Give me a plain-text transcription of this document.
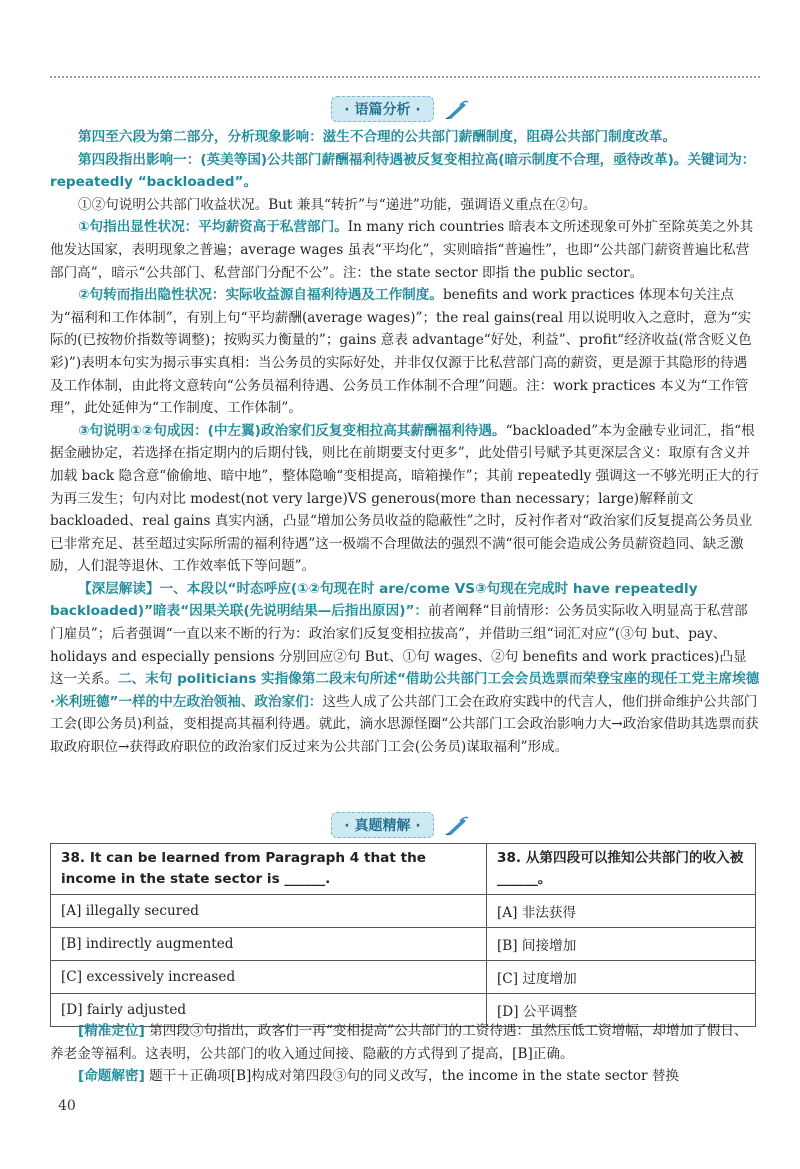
· 语篇分析 ·

第四至六段为第二部分，分析现象影响：滋生不合理的公共部门薪酬制度，阻碍公共部门制度改革。

第四段指出影响一：(英美等国)公共部门薪酬福利待遇被反复变相拉高(暗示制度不合理，亟待改革)。关键词为：repeatedly “backloaded”。

①②句说明公共部门收益状况。But 兼具“转折”与“递进”功能，强调语义重点在②句。

①句指出显性状况：平均薪资高于私营部门。In many rich countries 暗表本文所述现象可外扩至除英美之外其他发达国家，表明现象之普遍；average wages 虽表“平均化”，实则暗指“普遍性”，也即“公共部门薪资普遍比私营部门高”，暗示“公共部门、私营部门分配不公”。注：the state sector 即指 the public sector。

②句转而指出隐性状况：实际收益源自福利待遇及工作制度。benefits and work practices 体现本句关注点为“福利和工作体制”，有别上句“平均薪酬(average wages)”；the real gains(real 用以说明收入之意时，意为“实际的(已按物价指数等调整)；按购买力衡量的”；gains 意表 advantage“好处，利益”、profit“经济收益(常含贬义色彩)”)表明本句实为揭示事实真相：当公务员的实际好处，并非仅仅源于比私营部门高的薪资，更是源于其隐形的待遇及工作体制，由此将文意转向“公务员福利待遇、公务员工作体制不合理”问题。注：work practices 本义为“工作管理”，此处延伸为“工作制度、工作体制”。

③句说明①②句成因：(中左翼)政治家们反复变相拉高其薪酬福利待遇。“backloaded”本为金融专业词汇，指“根据金融协定，若选择在指定期内的后期付钱，则比在前期要支付更多”，此处借引号赋予其更深层含义：取原有含义并加载 back 隐含意“偷偷地、暗中地”，整体隐喻“变相提高，暗箱操作”；其前 repeatedly 强调这一不够光明正大的行为再三发生；句内对比 modest(not very large)VS generous(more than necessary；large)解释前文 backloaded、real gains 真实内涵，凸显“增加公务员收益的隐蔽性”之时，反衬作者对“政治家们反复提高公务员业已非常充足、甚至超过实际所需的福利待遇”这一极端不合理做法的强烈不满“很可能会造成公务员薪资趋同、缺乏激励，人们混等退休、工作效率低下等问题”。

【深层解读】一、本段以“时态呼应(①②句现在时 are/come VS③句现在完成时 have repeatedly backloaded)”暗表“因果关联(先说明结果—后指出原因)”：前者阐释“目前情形：公务员实际收入明显高于私营部门雇员”；后者强调“一直以来不断的行为：政治家们反复变相拉拔高”，并借助三组“词汇对应”(③句 but、pay、holidays and especially pensions 分别回应②句 But、①句 wages、②句 benefits and work practices)凸显这一关系。二、末句 politicians 实指像第二段末句所述“借助公共部门工会会员选票而荣登宝座的现任工党主席埃德·米利班德”一样的中左政治领袖、政治家们：这些人成了公共部门工会在政府实践中的代言人，他们拼命维护公共部门工会(即公务员)利益，变相提高其福利待遇。就此，滴水思源怪圈“公共部门工会政治影响力大→政治家借助其选票而获取政府职位→获得政府职位的政治家们反过来为公共部门工会(公务员)谋取福利”形成。

· 真题精解 ·
38. It can be learned from Paragraph 4 that the income in the state sector is ______.	38. 从第四段可以推知公共部门的收入被______。
[A] illegally secured	[A] 非法获得
[B] indirectly augmented	[B] 间接增加
[C] excessively increased	[C] 过度增加
[D] fairly adjusted	[D] 公平调整

[精准定位] 第四段③句指出，政客们一再“变相提高”公共部门的工资待遇：虽然压低工资增幅，却增加了假日、养老金等福利。这表明，公共部门的收入通过间接、隐蔽的方式得到了提高，[B]正确。

[命题解密] 题干＋正确项[B]构成对第四段③句的同义改写，the income in the state sector 替换

40
